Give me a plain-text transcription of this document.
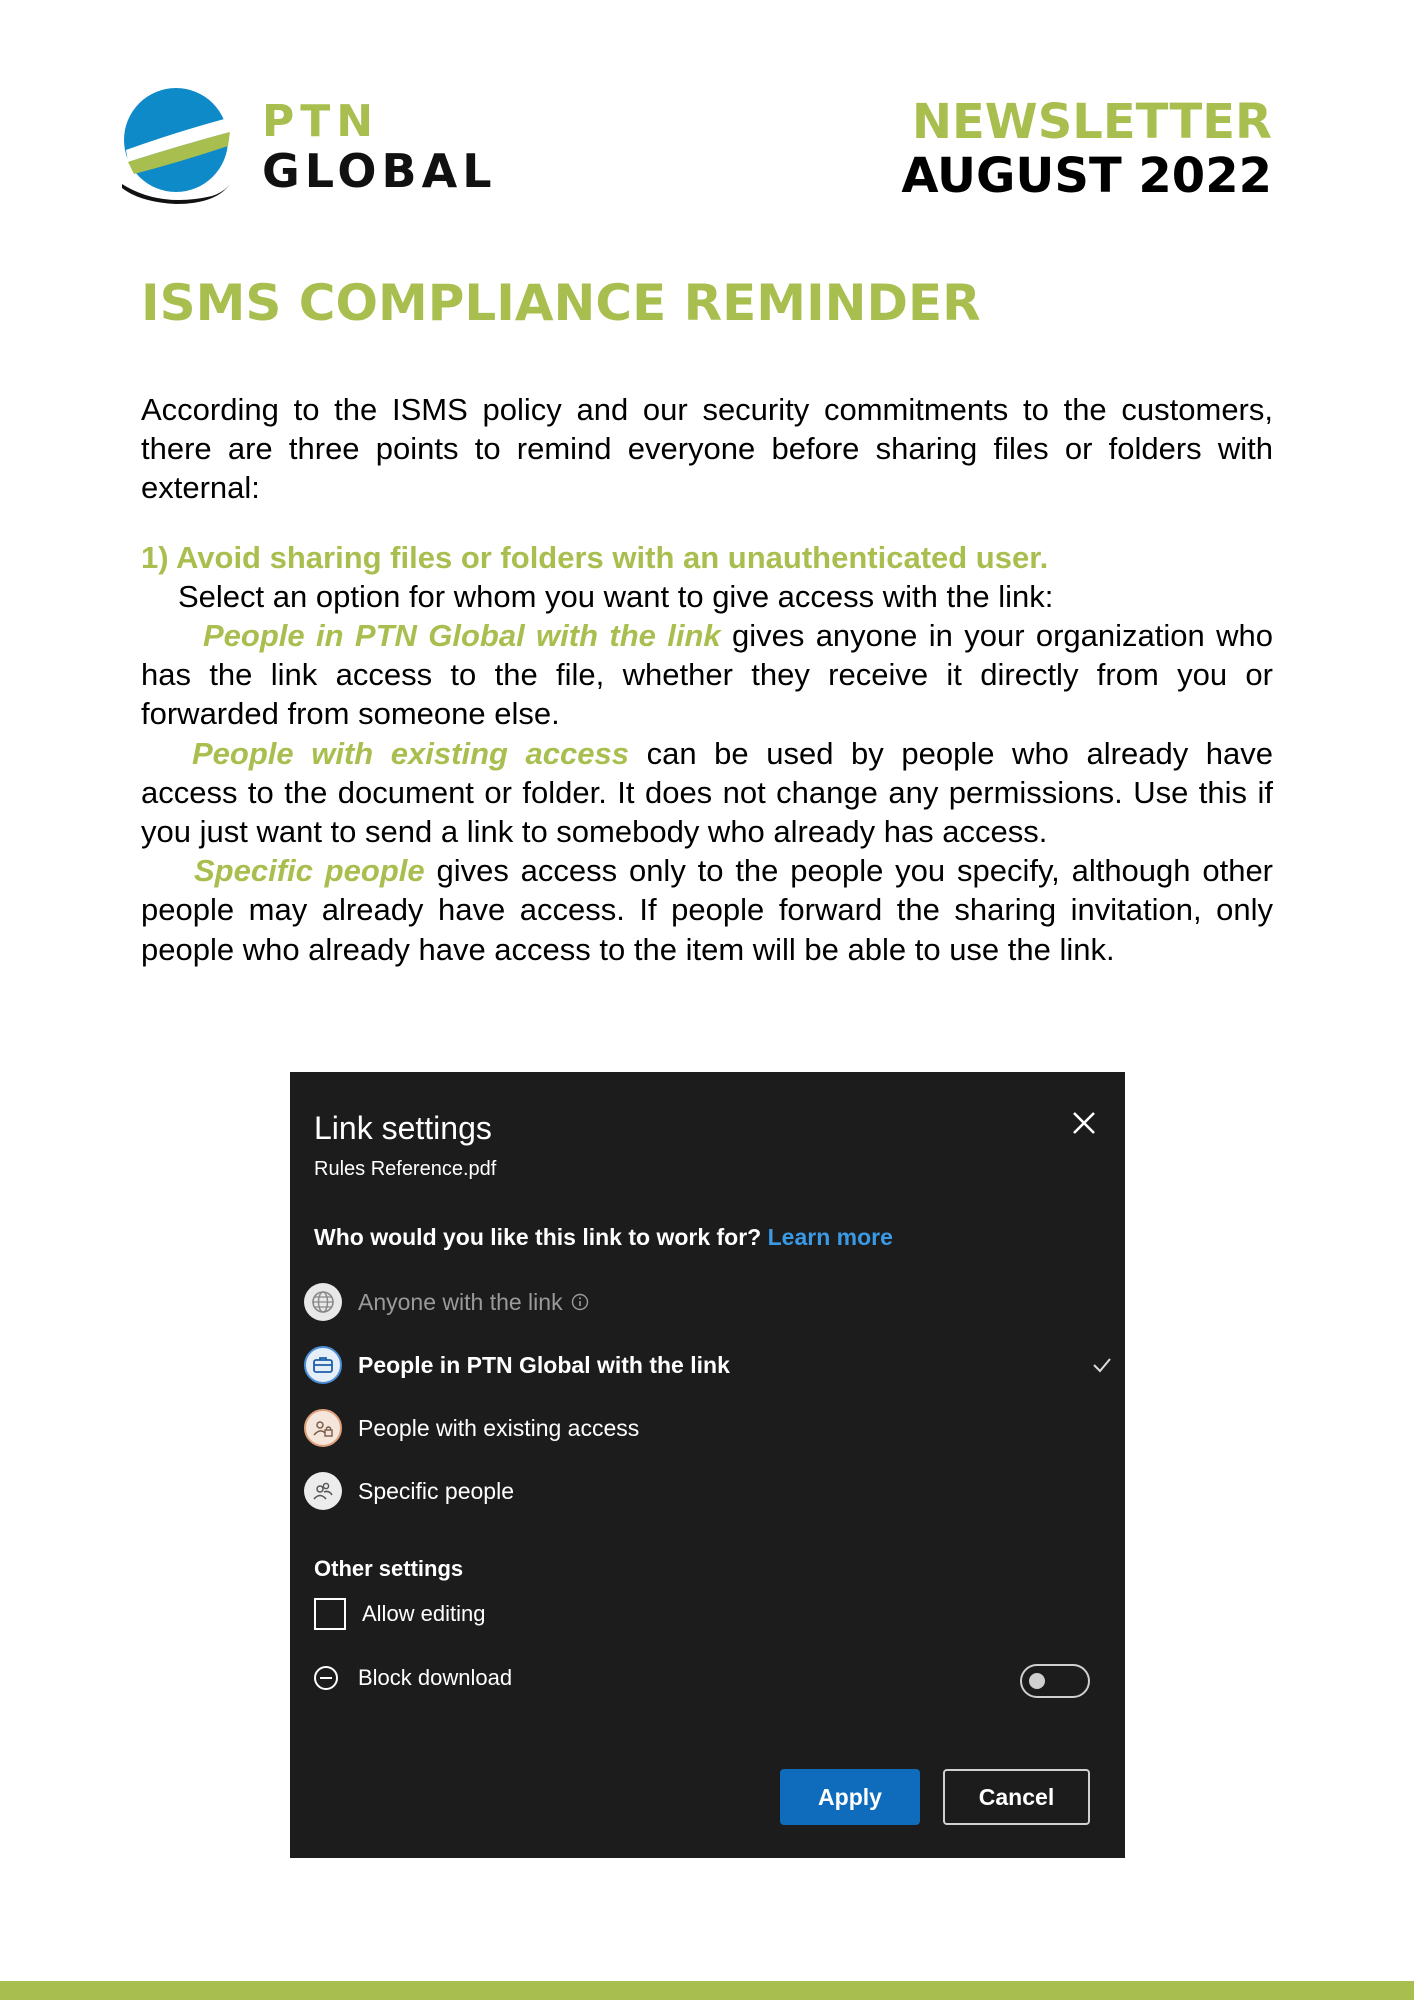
PTN
GLOBAL
NEWSLETTER
AUGUST 2022
ISMS COMPLIANCE REMINDER

According to the ISMS policy and our security commitments to the customers, there are three points to remind everyone before sharing files or folders with external:

1) Avoid sharing files or folders with an unauthenticated user.

Select an option for whom you want to give access with the link:

People in PTN Global with the link gives anyone in your organization who has the link access to the file, whether they receive it directly from you or forwarded from someone else.

People with existing access can be used by people who already have access to the document or folder. It does not change any permissions. Use this if you just want to send a link to somebody who already has access.

Specific people gives access only to the people you specify, although other people may already have access. If people forward the sharing invitation, only people who already have access to the item will be able to use the link.

Link settings
Rules Reference.pdf
Who would you like this link to work for? Learn more
Anyone with the link
People in PTN Global with the link
People with existing access
Specific people
Other settings
Allow editing
Block download
Apply	Cancel
